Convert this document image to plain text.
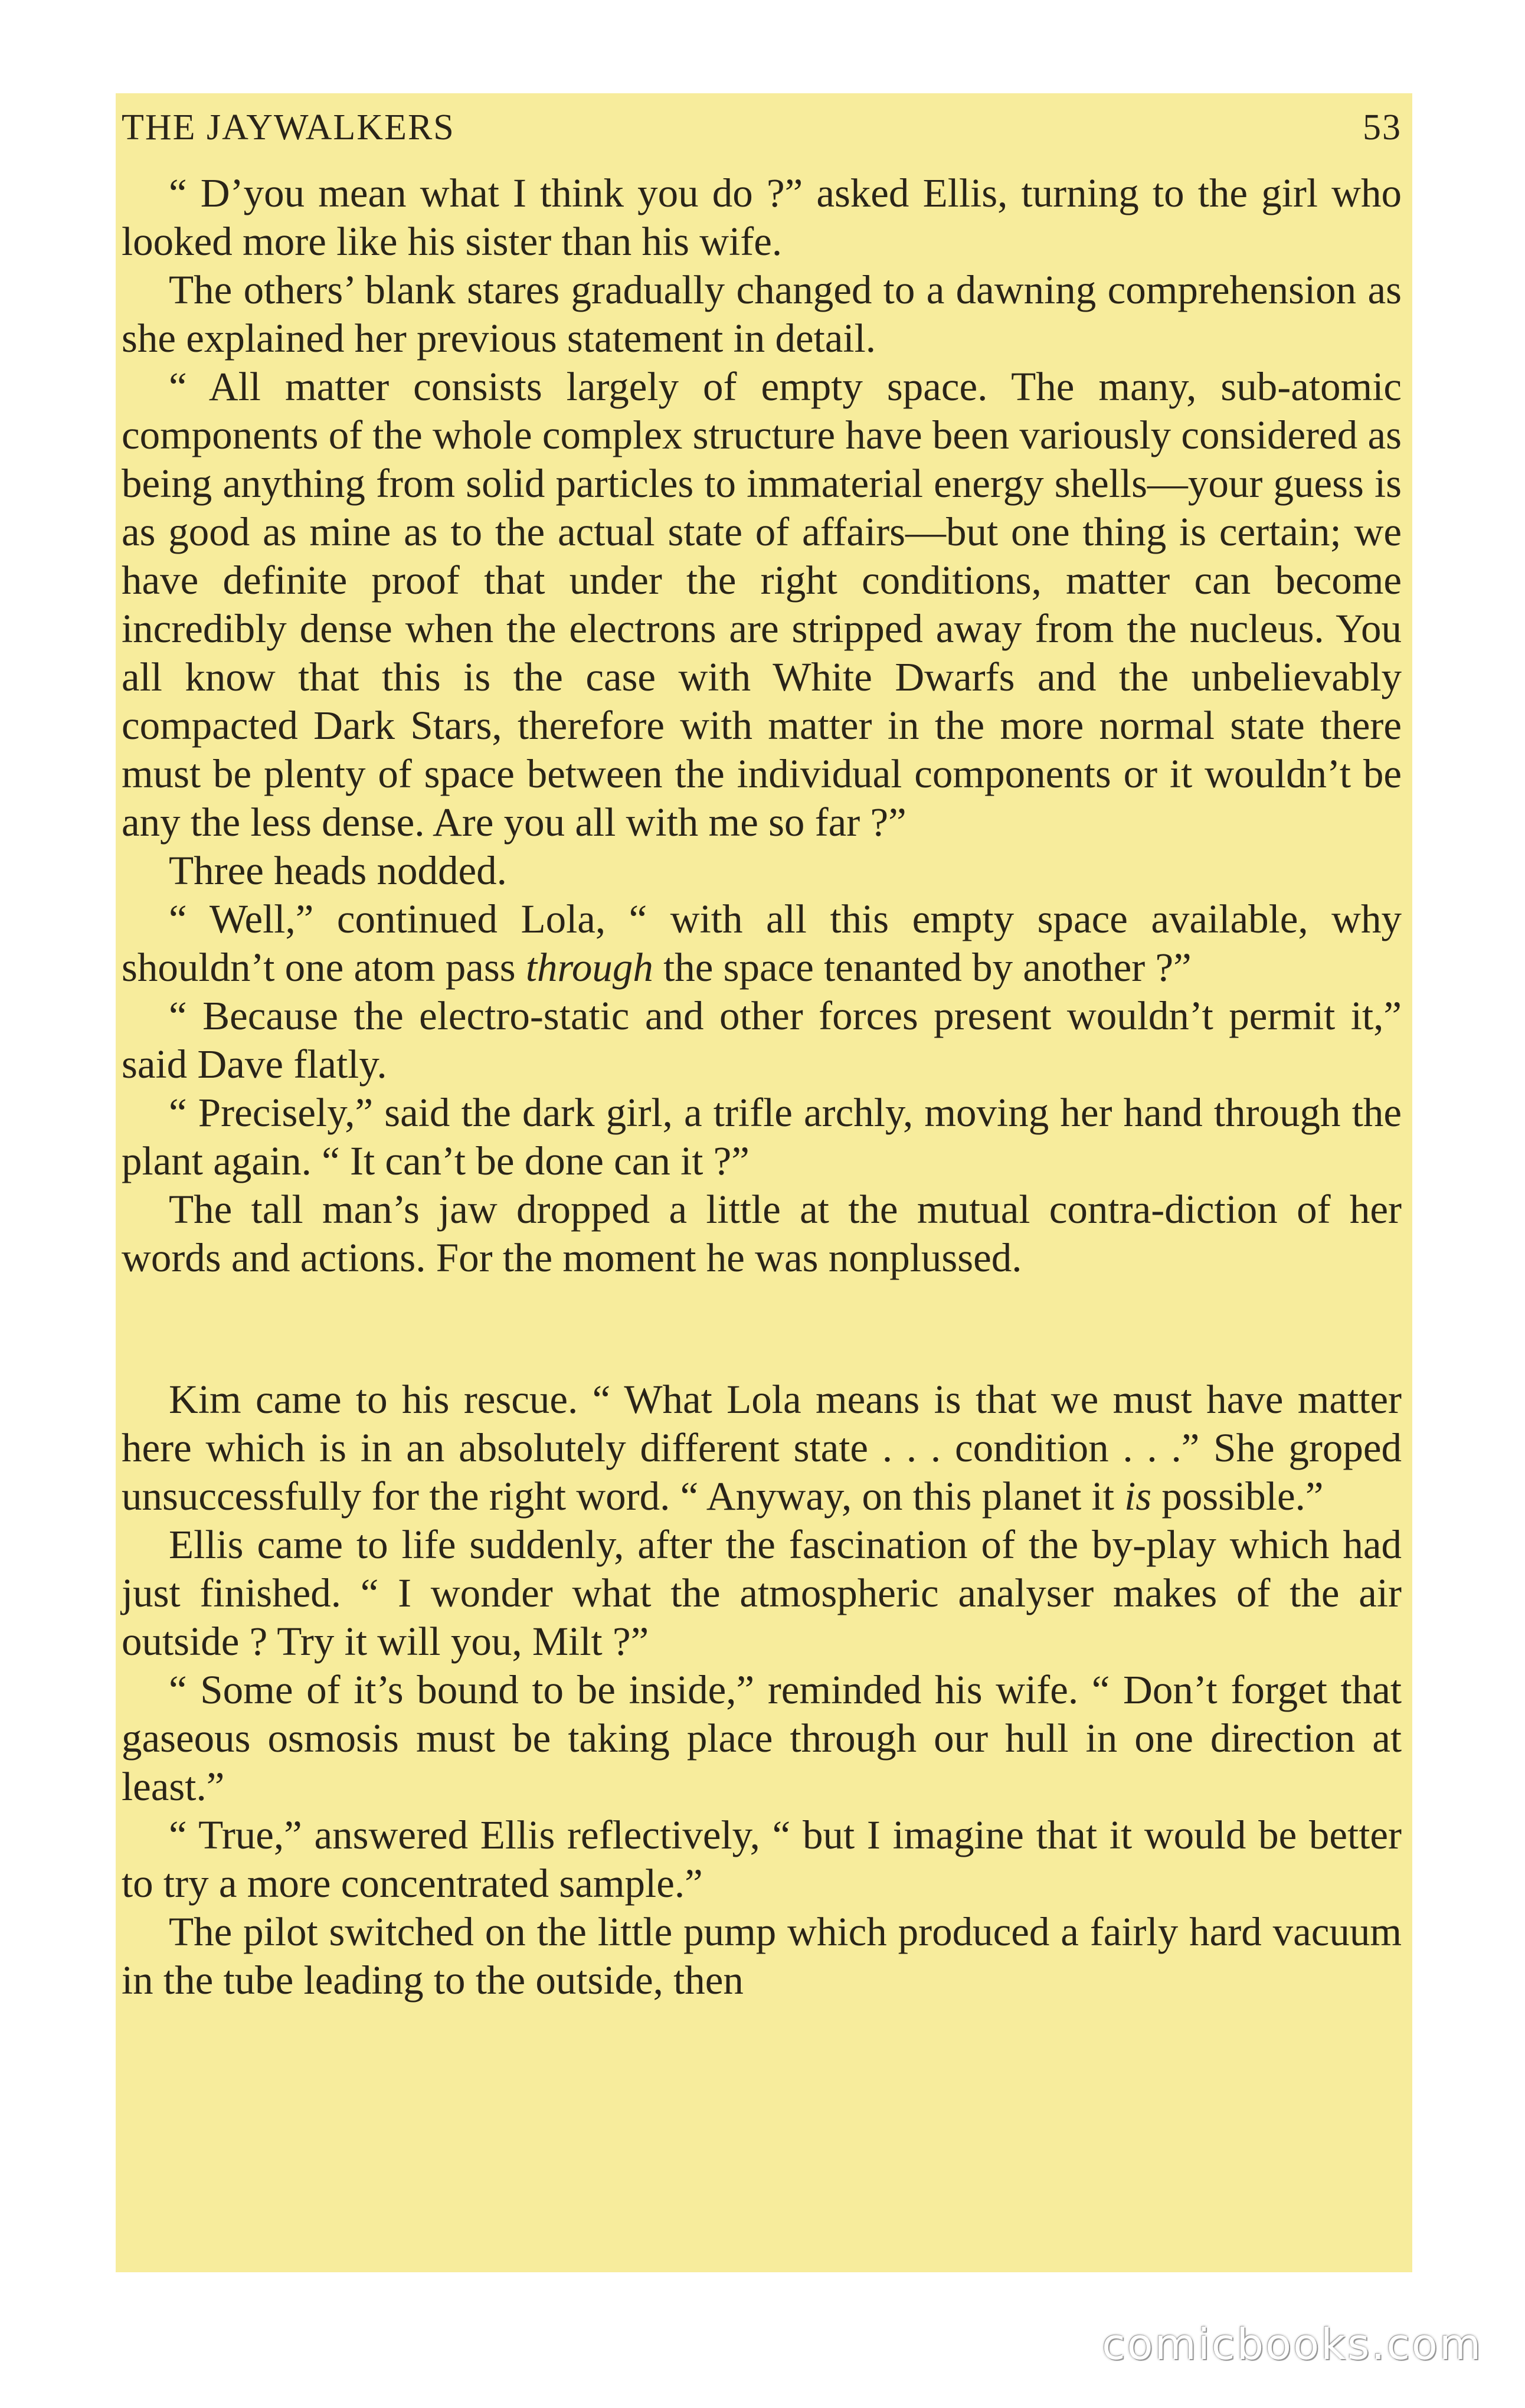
THE JAYWALKERS	53

“ D’you mean what I think you do ?” asked Ellis, turning to the girl who looked more like his sister than his wife.

The others’ blank stares gradually changed to a dawning comprehension as she explained her previous statement in detail.

“ All matter consists largely of empty space. The many, sub-atomic components of the whole complex structure have been variously considered as being anything from solid particles to immaterial energy shells—your guess is as good as mine as to the actual state of affairs—but one thing is certain; we have definite proof that under the right conditions, matter can become incredibly dense when the electrons are stripped away from the nucleus. You all know that this is the case with White Dwarfs and the unbelievably compacted Dark Stars, therefore with matter in the more normal state there must be plenty of space between the individual components or it wouldn’t be any the less dense. Are you all with me so far ?”

Three heads nodded.

“ Well,” continued Lola, “ with all this empty space available, why shouldn’t one atom pass through the space tenanted by another ?”

“ Because the electro-static and other forces present wouldn’t permit it,” said Dave flatly.

“ Precisely,” said the dark girl, a trifle archly, moving her hand through the plant again. “ It can’t be done can it ?”

The tall man’s jaw dropped a little at the mutual contra-diction of her words and actions. For the moment he was nonplussed.

Kim came to his rescue. “ What Lola means is that we must have matter here which is in an absolutely different state . . . condition . . .” She groped unsuccessfully for the right word. “ Anyway, on this planet it is possible.”

Ellis came to life suddenly, after the fascination of the by-play which had just finished. “ I wonder what the atmospheric analyser makes of the air outside ? Try it will you, Milt ?”

“ Some of it’s bound to be inside,” reminded his wife. “ Don’t forget that gaseous osmosis must be taking place through our hull in one direction at least.”

“ True,” answered Ellis reflectively, “ but I imagine that it would be better to try a more concentrated sample.”

The pilot switched on the little pump which produced a fairly hard vacuum in the tube leading to the outside, then

comicbooks.com
